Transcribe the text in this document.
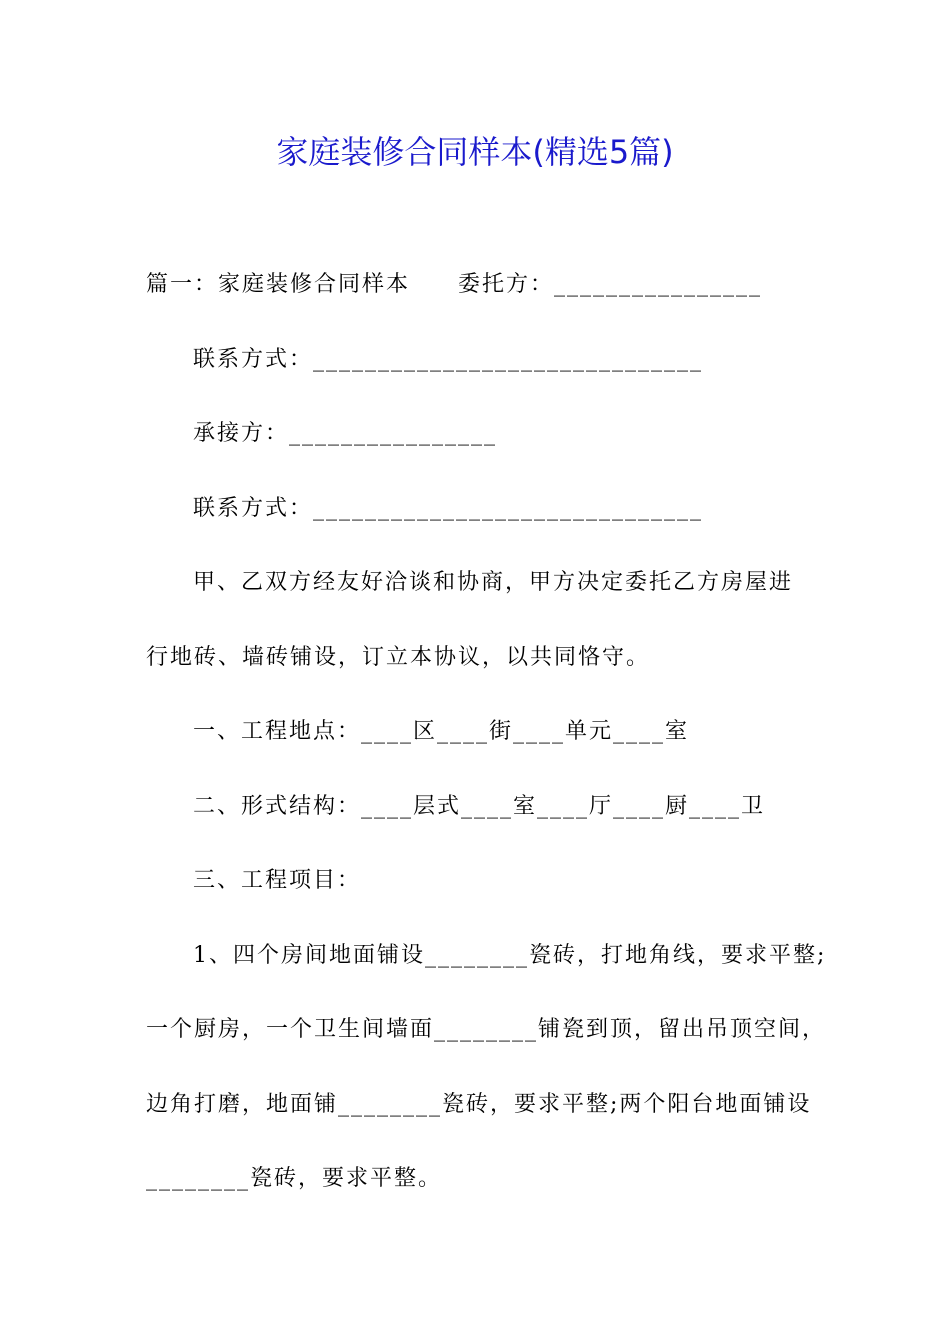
家庭装修合同样本(精选5篇)

篇一：家庭装修合同样本　　委托方：________________

联系方式：______________________________

承接方：________________

联系方式：______________________________

甲、乙双方经友好洽谈和协商，甲方决定委托乙方房屋进

行地砖、墙砖铺设，订立本协议，以共同恪守。

一、工程地点：____区____街____单元____室

二、形式结构：____层式____室____厅____厨____卫

三、工程项目：

1、四个房间地面铺设________瓷砖，打地角线，要求平整;

一个厨房，一个卫生间墙面________铺瓷到顶，留出吊顶空间，

边角打磨，地面铺________瓷砖，要求平整;两个阳台地面铺设

________瓷砖，要求平整。
